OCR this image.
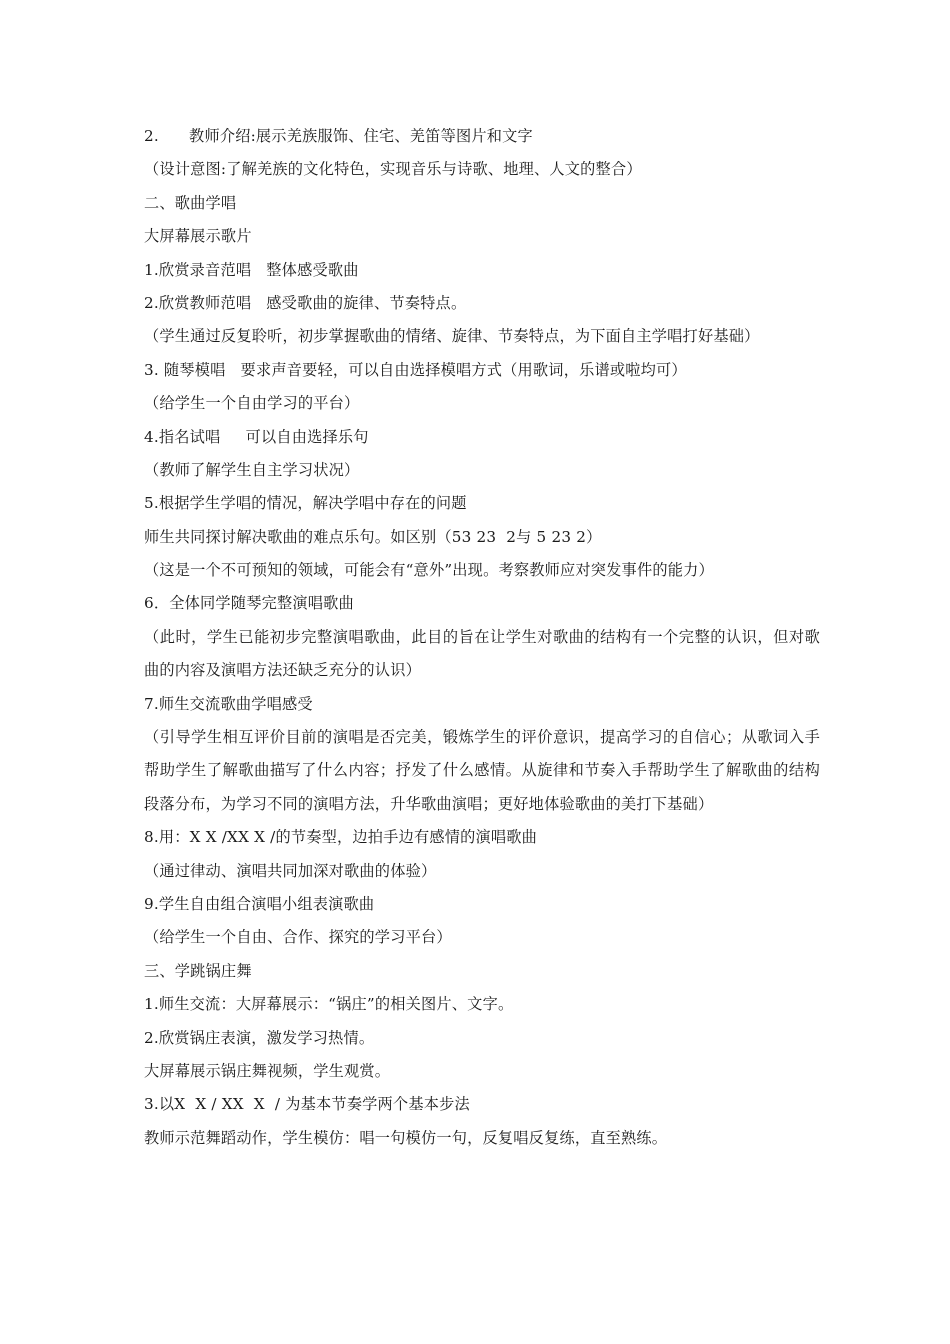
2.      教师介绍:展示羌族服饰、住宅、羌笛等图片和文字
（设计意图:了解羌族的文化特色，实现音乐与诗歌、地理、人文的整合）
二、歌曲学唱
大屏幕展示歌片
1.欣赏录音范唱   整体感受歌曲
2.欣赏教师范唱   感受歌曲的旋律、节奏特点。
（学生通过反复聆听，初步掌握歌曲的情绪、旋律、节奏特点，为下面自主学唱打好基础）
3. 随琴模唱   要求声音要轻，可以自由选择模唱方式（用歌词，乐谱或啦均可）
（给学生一个自由学习的平台）
4.指名试唱     可以自由选择乐句
（教师了解学生自主学习状况）
5.根据学生学唱的情况，解决学唱中存在的问题
师生共同探讨解决歌曲的难点乐句。如区别（53 23  2与 5 23 2）
（这是一个不可预知的领域，可能会有“意外”出现。考察教师应对突发事件的能力）
6．全体同学随琴完整演唱歌曲
（此时，学生已能初步完整演唱歌曲，此目的旨在让学生对歌曲的结构有一个完整的认识，但对歌曲的内容及演唱方法还缺乏充分的认识）
7.师生交流歌曲学唱感受
（引导学生相互评价目前的演唱是否完美，锻炼学生的评价意识，提高学习的自信心；从歌词入手帮助学生了解歌曲描写了什么内容；抒发了什么感情。从旋律和节奏入手帮助学生了解歌曲的结构段落分布，为学习不同的演唱方法，升华歌曲演唱；更好地体验歌曲的美打下基础）
8.用：X X /XX X /的节奏型，边拍手边有感情的演唱歌曲
（通过律动、演唱共同加深对歌曲的体验）
9.学生自由组合演唱小组表演歌曲
（给学生一个自由、合作、探究的学习平台）
三、学跳锅庄舞
1.师生交流：大屏幕展示：“锅庄”的相关图片、文字。
2.欣赏锅庄表演，激发学习热情。
大屏幕展示锅庄舞视频，学生观赏。
3.以X  X / XX  X  / 为基本节奏学两个基本步法
教师示范舞蹈动作，学生模仿：唱一句模仿一句，反复唱反复练，直至熟练。
